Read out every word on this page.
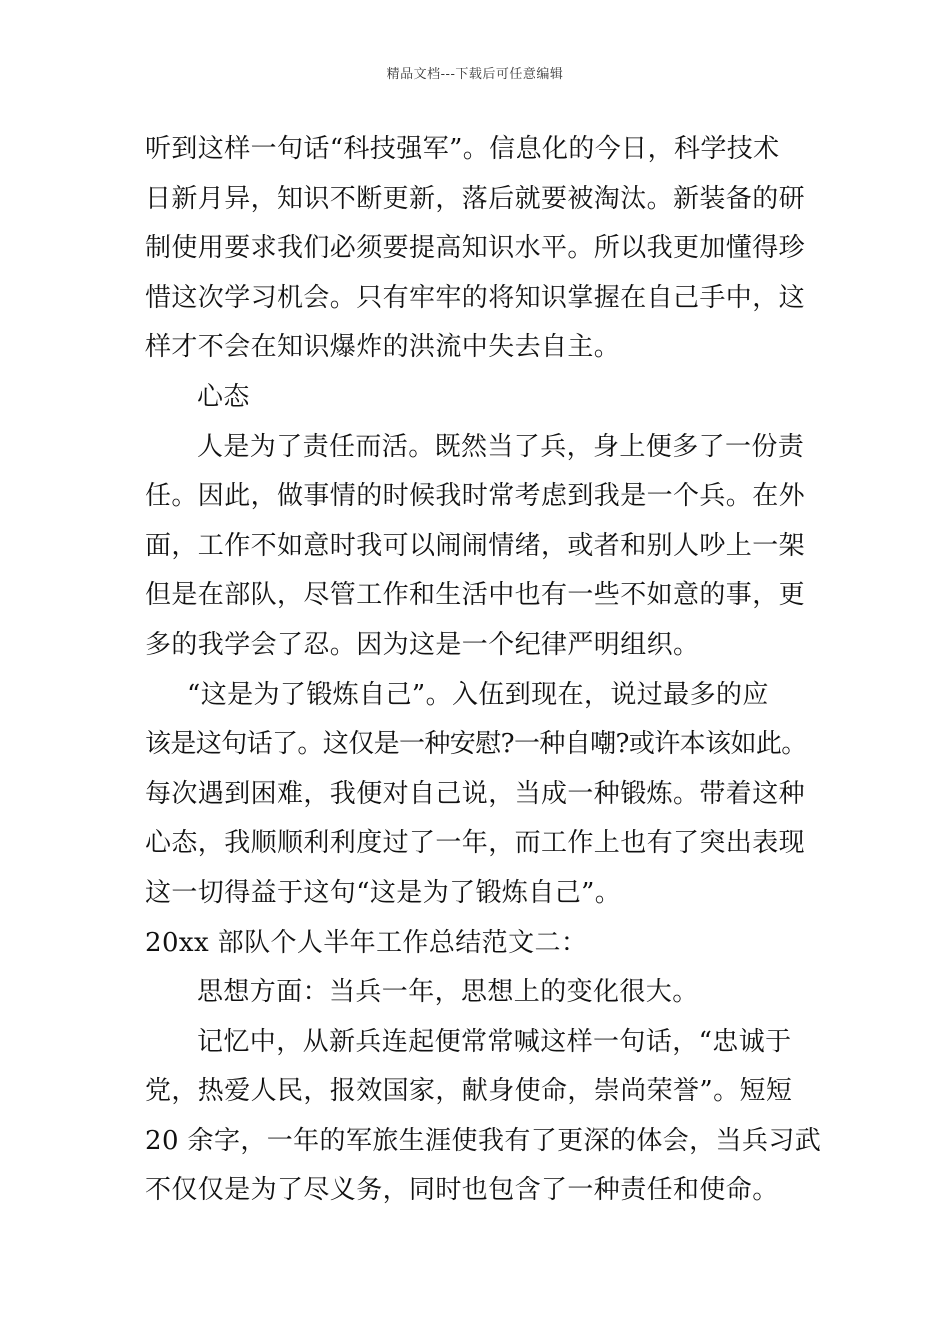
精品文档---下载后可任意编辑
听到这样一句话“科技强军”。信息化的今日，科学技术
日新月异，知识不断更新，落后就要被淘汰。新装备的研
制使用要求我们必须要提高知识水平。所以我更加懂得珍
惜这次学习机会。只有牢牢的将知识掌握在自己手中，这
样才不会在知识爆炸的洪流中失去自主。
心态
人是为了责任而活。既然当了兵，身上便多了一份责
任。因此，做事情的时候我时常考虑到我是一个兵。在外
面，工作不如意时我可以闹闹情绪，或者和别人吵上一架
但是在部队，尽管工作和生活中也有一些不如意的事，更
多的我学会了忍。因为这是一个纪律严明组织。
“这是为了锻炼自己”。入伍到现在，说过最多的应
该是这句话了。这仅是一种安慰?一种自嘲?或许本该如此。
每次遇到困难，我便对自己说，当成一种锻炼。带着这种
心态，我顺顺利利度过了一年，而工作上也有了突出表现
这一切得益于这句“这是为了锻炼自己”。
20xx 部队个人半年工作总结范文二：
思想方面：当兵一年，思想上的变化很大。
记忆中，从新兵连起便常常喊这样一句话，“忠诚于
党，热爱人民，报效国家，献身使命，崇尚荣誉”。短短
20 余字，一年的军旅生涯使我有了更深的体会，当兵习武
不仅仅是为了尽义务，同时也包含了一种责任和使命。
